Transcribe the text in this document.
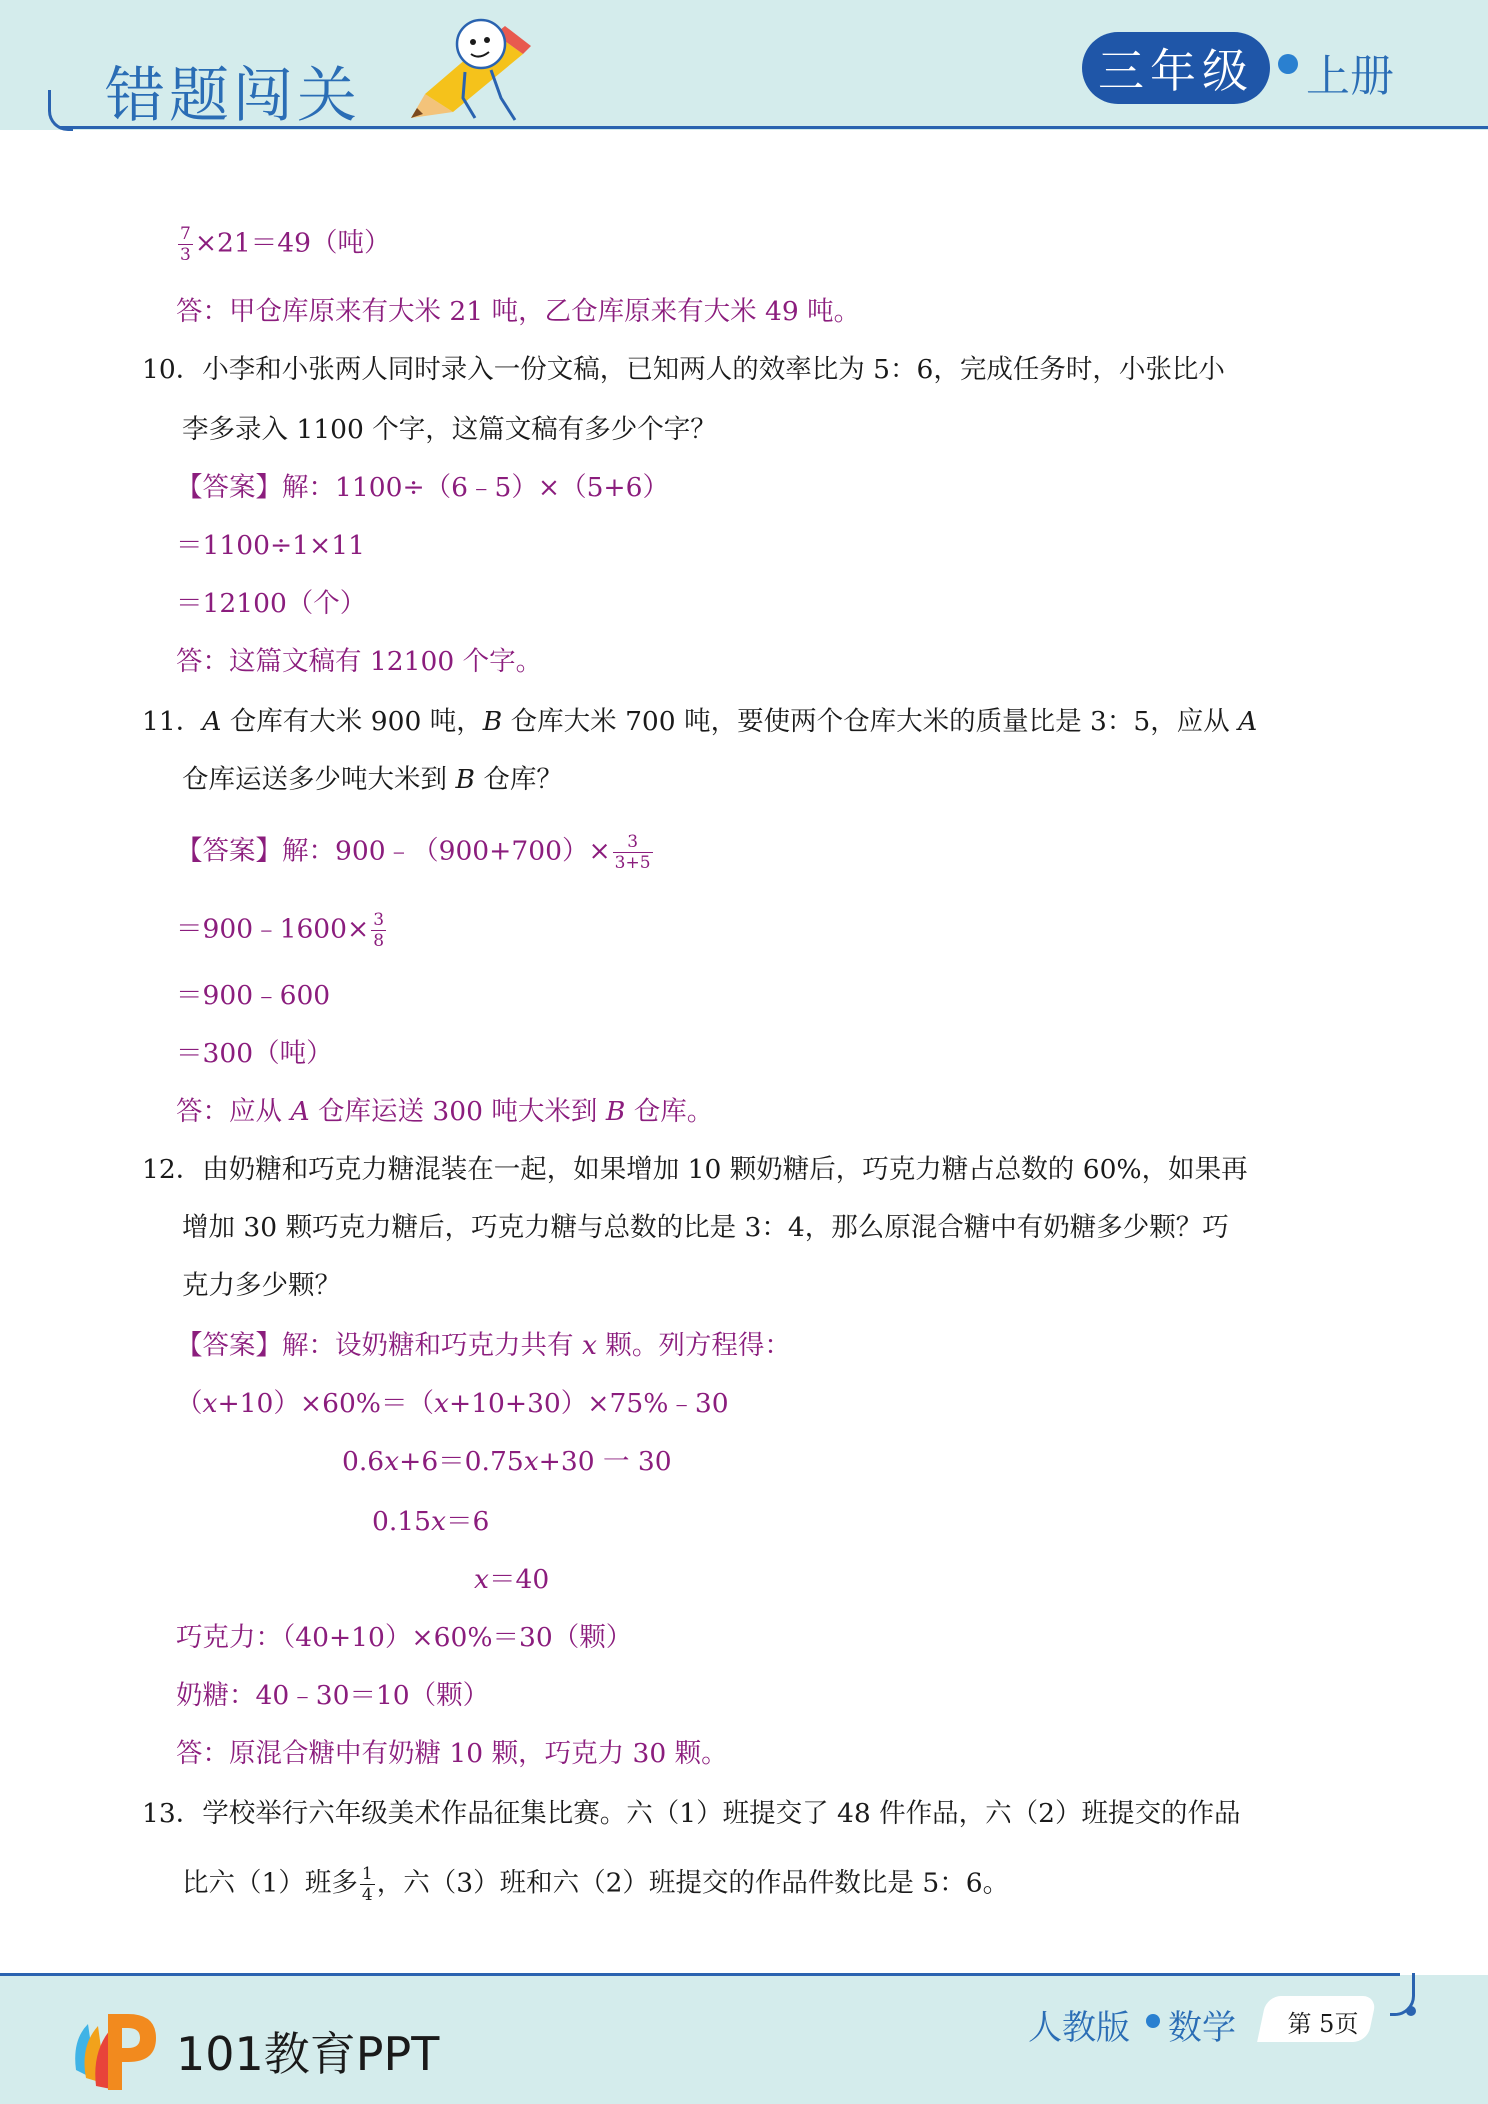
错题闯关	三年级	上册
$\frac{7}{3} \times 21=49$（吨）
答：甲仓库原来有大米 21 吨，乙仓库原来有大米 49 吨。
10．小李和小张两人同时录入一份文稿，已知两人的效率比为 5：6，完成任务时，小张比小
李多录入 1100 个字，这篇文稿有多少个字？
【答案】解：1100÷（6﹣5）×（5+6）
＝1100÷1×11
＝12100（个）
答：这篇文稿有 12100 个字。
11．A 仓库有大米 900 吨，B 仓库大米 700 吨，要使两个仓库大米的质量比是 3：5，应从 A
仓库运送多少吨大米到 B 仓库？
【答案】解：900﹣（900+700）× $\frac{3}{3+5}$
＝900﹣1600× $\frac{3}{8}$
＝900﹣600
＝300（吨）
答：应从 A 仓库运送 300 吨大米到 B 仓库。
12．由奶糖和巧克力糖混装在一起，如果增加 10 颗奶糖后，巧克力糖占总数的 60%，如果再
增加 30 颗巧克力糖后，巧克力糖与总数的比是 3：4，那么原混合糖中有奶糖多少颗？巧
克力多少颗？
【答案】解：设奶糖和巧克力共有 x 颗。列方程得：
（x+10）×60%＝（x+10+30）×75%﹣30
0.6x+6＝0.75x+30 一 30
0.15x＝6
x＝40
巧克力：（40+10）×60%＝30（颗）
奶糖：40﹣30＝10（颗）
答：原混合糖中有奶糖 10 颗，巧克力 30 颗。
13．学校举行六年级美术作品征集比赛。六（1）班提交了 48 件作品，六（2）班提交的作品
比六（1）班多 $\frac{1}{4}$ ，六（3）班和六（2）班提交的作品件数比是 5：6。
101教育PPT	人教版 数学	第 5页
